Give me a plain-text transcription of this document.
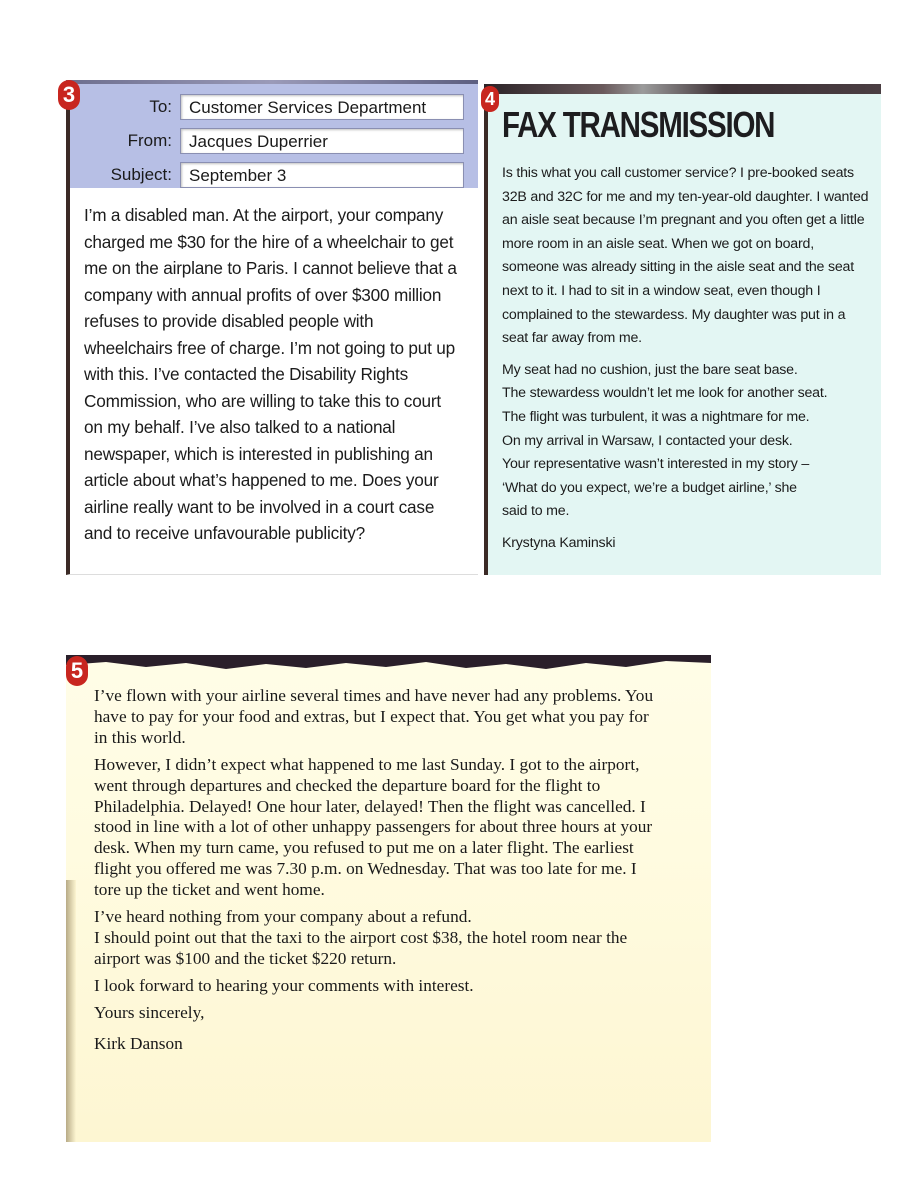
To:	Customer Services Department
From:	Jacques Duperrier
Subject:	September 3
I’m a disabled man. At the airport, your company charged me $30 for the hire of a wheelchair to get me on the airplane to Paris. I cannot believe that a company with annual profits of over $300 million refuses to provide disabled people with wheelchairs free of charge. I’m not going to put up with this. I’ve contacted the Disability Rights Commission, who are willing to take this to court on my behalf. I’ve also talked to a national newspaper, which is interested in publishing an article about what’s happened to me. Does your airline really want to be involved in a court case and to receive unfavourable publicity?
3
FAX TRANSMISSION

Is this what you call customer service? I pre-booked seats 32B and 32C for me and my ten-year-old daughter. I wanted an aisle seat because I’m pregnant and you often get a little more room in an aisle seat. When we got on board, someone was already sitting in the aisle seat and the seat next to it. I had to sit in a window seat, even though I complained to the stewardess. My daughter was put in a seat far away from me.

My seat had no cushion, just the bare seat base.
The stewardess wouldn’t let me look for another seat.
The flight was turbulent, it was a nightmare for me.
On my arrival in Warsaw, I contacted your desk.
Your representative wasn’t interested in my story –
‘What do you expect, we’re a budget airline,’ she
said to me.

Krystyna Kaminski
4

I’ve flown with your airline several times and have never had any problems. You have to pay for your food and extras, but I expect that. You get what you pay for in this world.

However, I didn’t expect what happened to me last Sunday. I got to the airport, went through departures and checked the departure board for the flight to Philadelphia. Delayed! One hour later, delayed! Then the flight was cancelled. I stood in line with a lot of other unhappy passengers for about three hours at your desk. When my turn came, you refused to put me on a later flight. The earliest flight you offered me was 7.30 p.m. on Wednesday. That was too late for me. I tore up the ticket and went home.

I’ve heard nothing from your company about a refund.
I should point out that the taxi to the airport cost $38, the hotel room near the airport was $100 and the ticket $220 return.

I look forward to hearing your comments with interest.

Yours sincerely,

Kirk Danson

5
